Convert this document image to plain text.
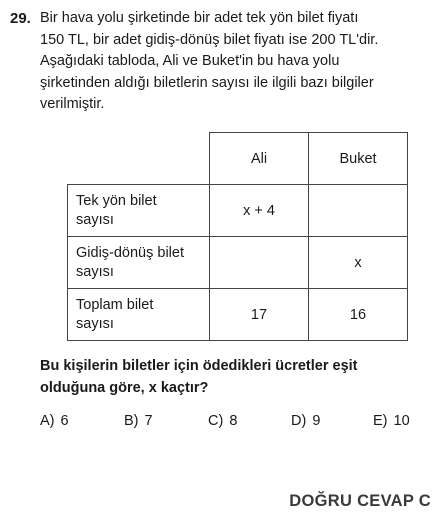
29. Bir hava yolu şirketinde bir adet tek yön bilet fiyatı

150 TL, bir adet gidiş-dönüş bilet fiyatı ise 200 TL'dir.

Aşağıdaki tabloda, Ali ve Buket'in bu hava yolu

şirketinden aldığı biletlerin sayısı ile ilgili bazı bilgiler

verilmiştir.

	Ali	Buket
Tek yön bilet
sayısı	x + 4	
Gidiş-dönüş bilet
sayısı		x
Toplam bilet
sayısı	17	16

Bu kişilerin biletler için ödedikleri ücretler eşit

olduğuna göre, x kaçtır?

A) 6	B) 7	C) 8	D) 9	E) 10
DOĞRU CEVAP C
